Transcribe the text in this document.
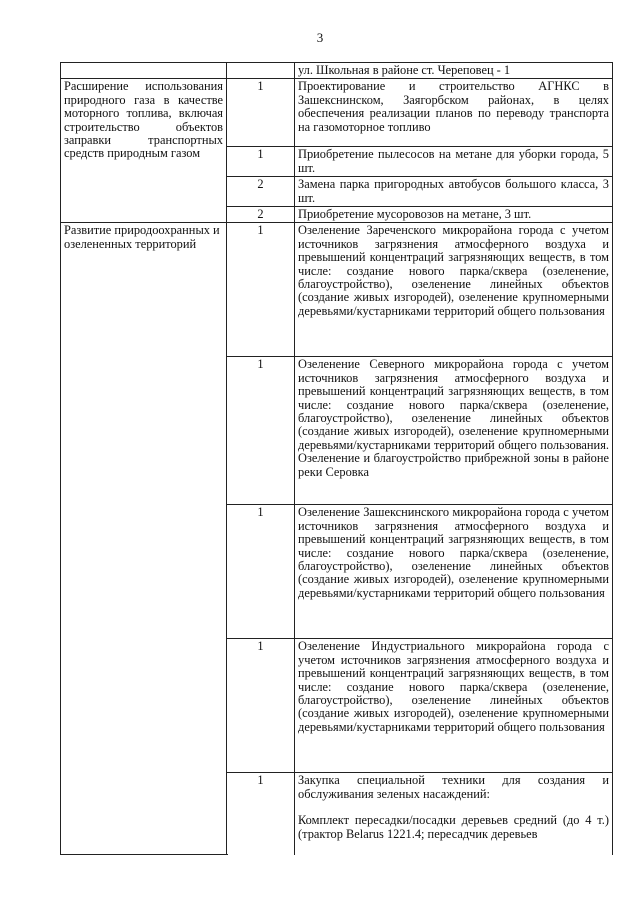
3
		ул. Школьная в районе ст. Череповец - 1
Расширение использования природного газа в качестве моторного топлива, включая строительство объектов заправки транспортных средств природным газом	1	Проектирование и строительство АГНКС в Зашекснинском, Заягорбском районах, в целях обеспечения реализации планов по переводу транспорта на газомоторное топливо
	1	Приобретение пылесосов на метане для уборки города, 5 шт.
	2	Замена парка пригородных автобусов большого класса, 3 шт.
	2	Приобретение мусоровозов на метане, 3 шт.
Развитие природоохранных и озелененных территорий	1	Озеленение Зареченского микрорайона города с учетом источников загрязнения атмосферного воздуха и превышений концентраций загрязняющих веществ, в том числе: создание нового парка/сквера (озеленение, благоустройство), озеленение линейных объектов (создание живых изгородей), озеленение крупномерными деревьями/кустарниками территорий общего пользования
	1	Озеленение Северного микрорайона города с учетом источников загрязнения атмосферного воздуха и превышений концентраций загрязняющих веществ, в том числе: создание нового парка/сквера (озеленение, благоустройство), озеленение линейных объектов (создание живых изгородей), озеленение крупномерными деревьями/кустарниками территорий общего пользования. Озеленение и благоустройство прибрежной зоны в районе реки Серовка
	1	Озеленение Зашекснинского микрорайона города с учетом источников загрязнения атмосферного воздуха и превышений концентраций загрязняющих веществ, в том числе: создание нового парка/сквера (озеленение, благоустройство), озеленение линейных объектов (создание живых изгородей), озеленение крупномерными деревьями/кустарниками территорий общего пользования
	1	Озеленение Индустриального микрорайона города с учетом источников загрязнения атмосферного воздуха и превышений концентраций загрязняющих веществ, в том числе: создание нового парка/сквера (озеленение, благоустройство), озеленение линейных объектов (создание живых изгородей), озеленение крупномерными деревьями/кустарниками территорий общего пользования
	1	Закупка специальной техники для создания и обслуживания зеленых насаждений:
Комплект пересадки/посадки деревьев средний (до 4 т.) (трактор Belarus 1221.4; пересадчик деревьев
